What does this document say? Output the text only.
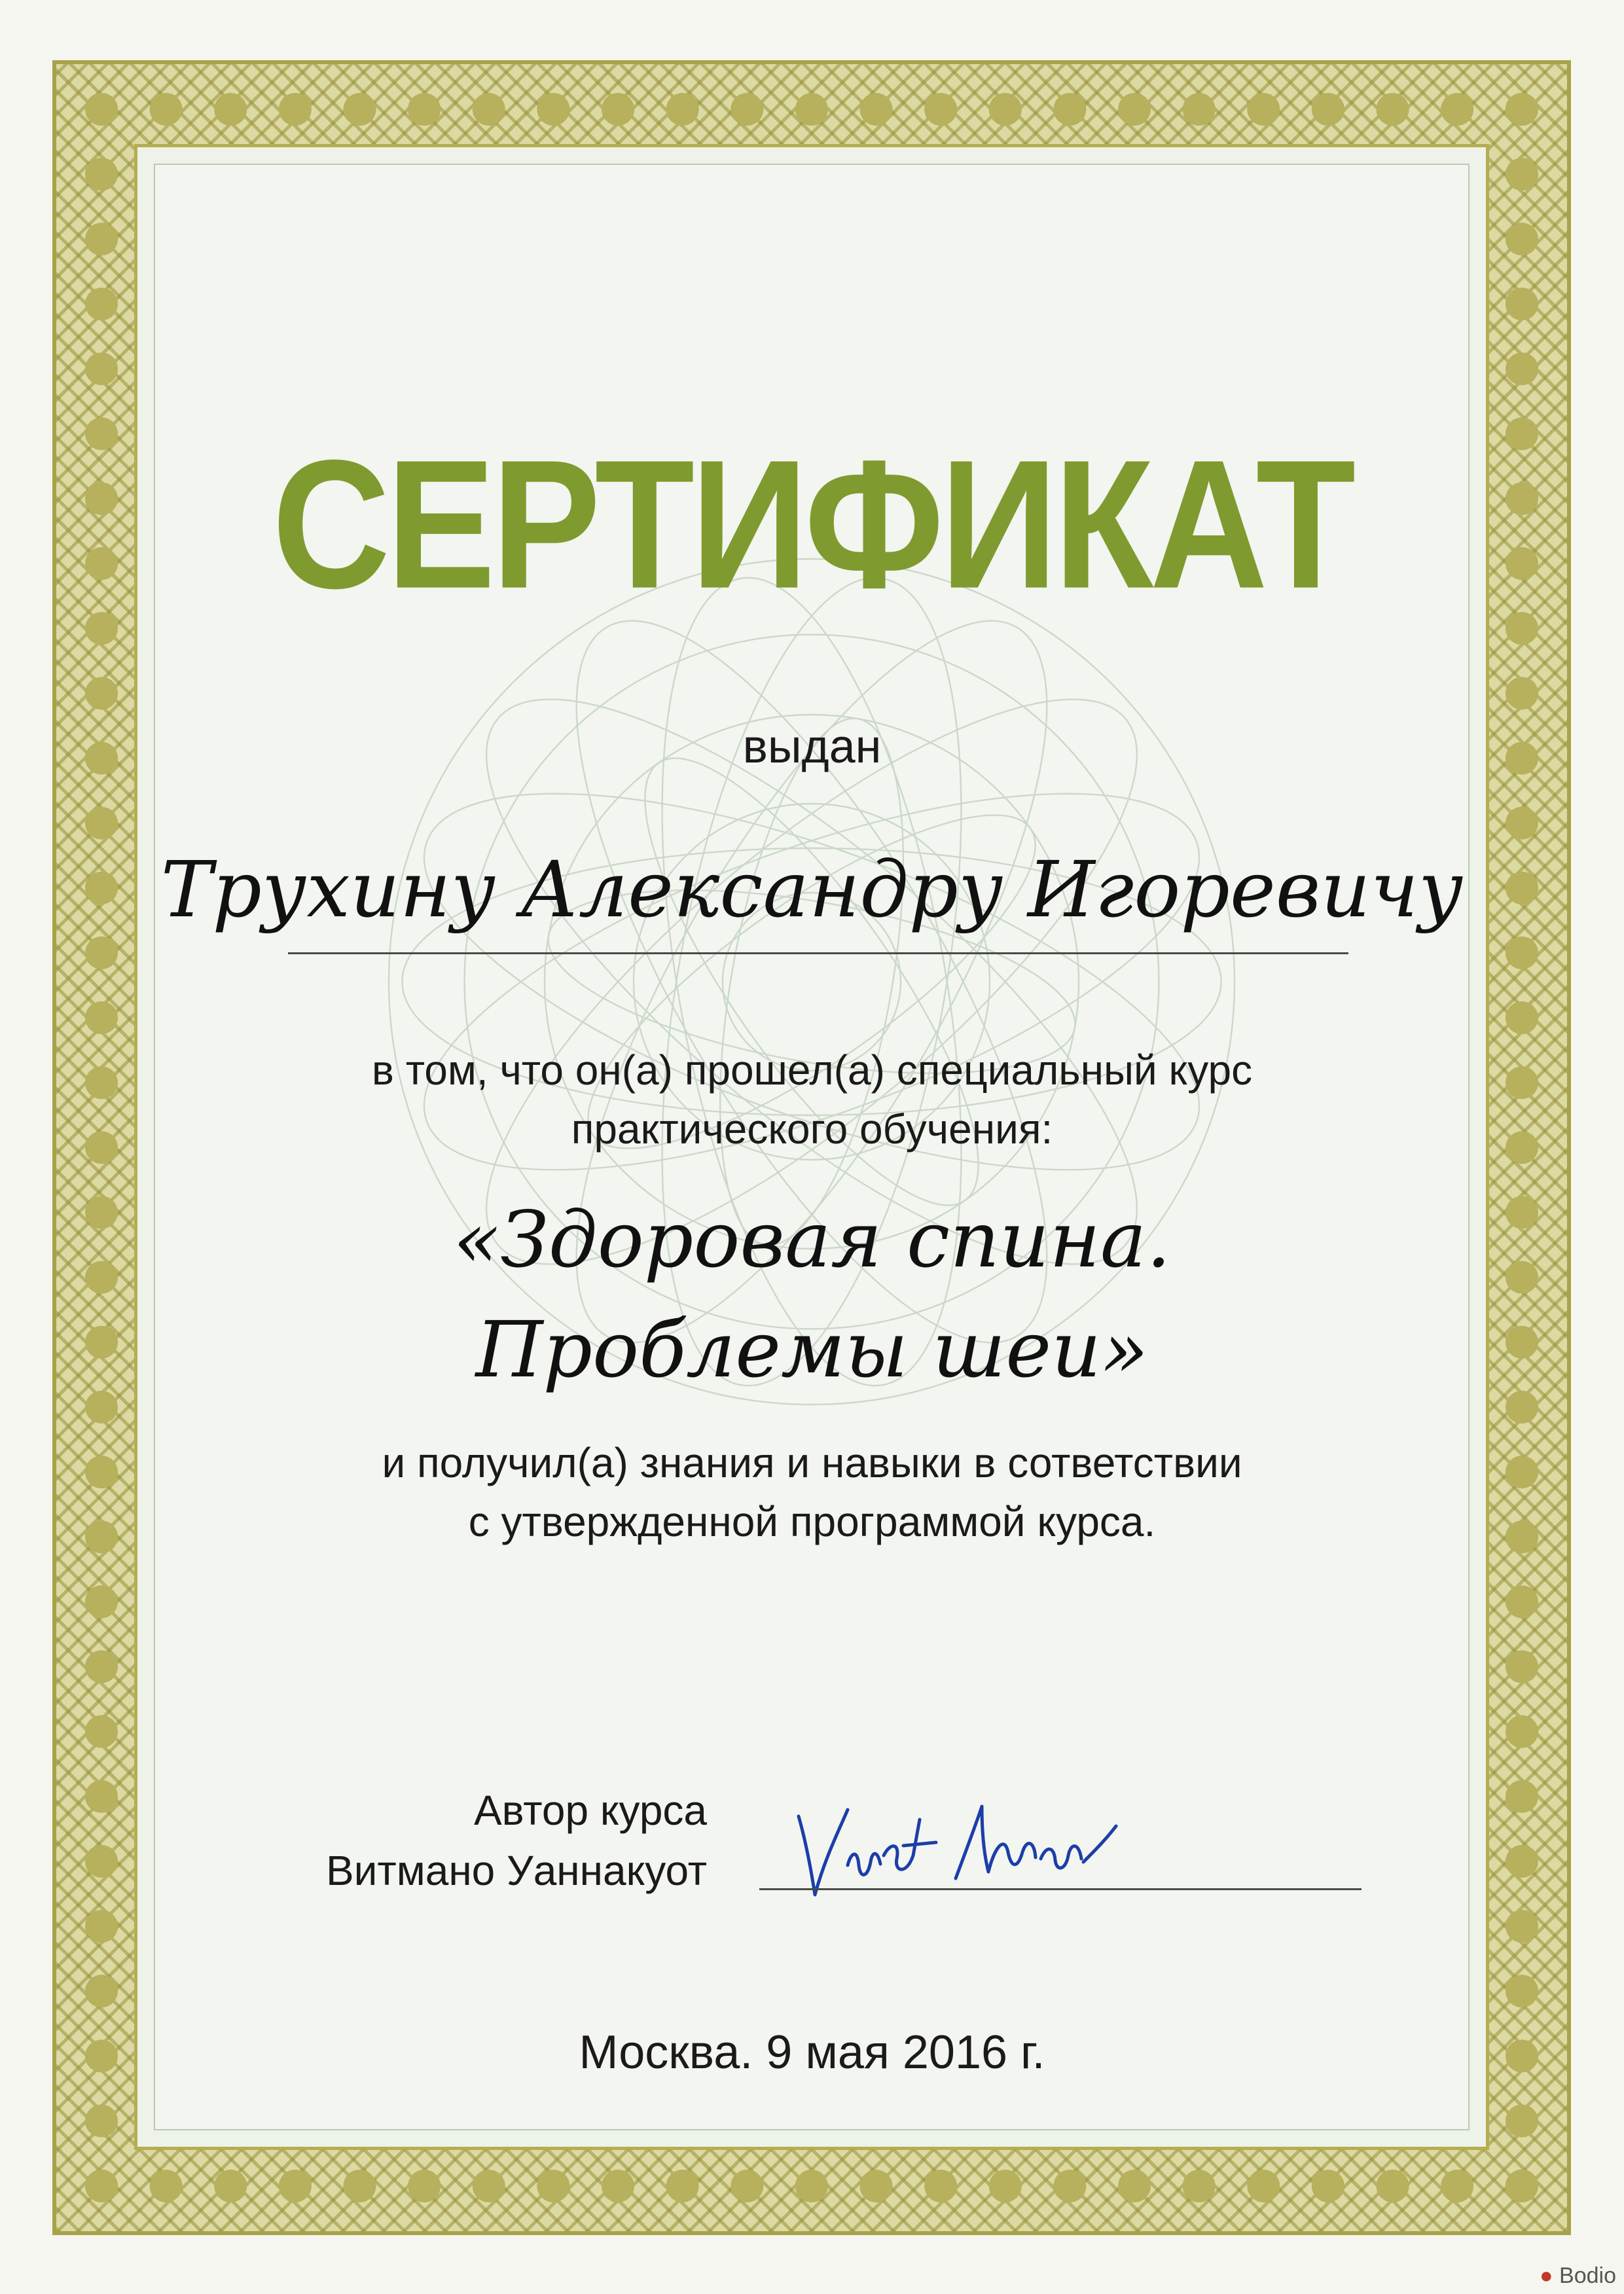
СЕРТИФИКАТ
выдан
Трухину Александру Игоревичу
в том, что он(а) прошел(а) специальный курс
практического обучения:
«Здоровая спина.
Проблемы шеи»
и получил(а) знания и навыки в сответствии
с утвержденной программой курса.
Автор курса
Витмано Уаннакуот
Москва. 9 мая 2016 г.
● Bodio
